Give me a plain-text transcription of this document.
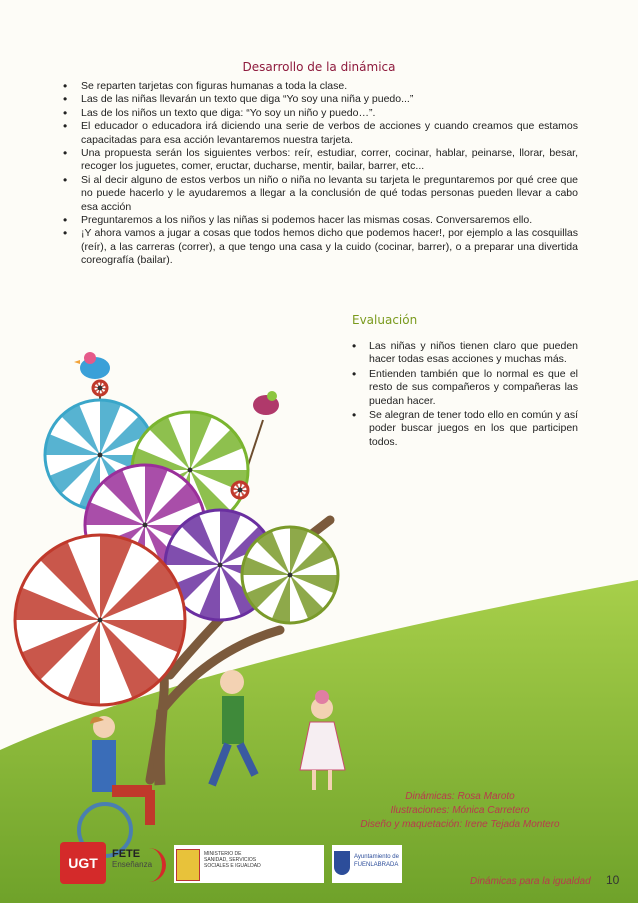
Desarrollo de la dinámica
• Se reparten tarjetas con figuras humanas a toda la clase.
• Las de las niñas llevarán un texto que diga “Yo soy una niña y puedo...”
• Las de los niños un texto que diga: “Yo soy un niño y puedo…”.
• El educador o educadora irá diciendo una serie de verbos de acciones y cuando creamos que estamos capacitadas para esa acción levantaremos nuestra tarjeta.
• Una propuesta serán los siguientes verbos: reír, estudiar, correr, cocinar, hablar, peinarse, llorar, besar, recoger los juguetes, comer, eructar, ducharse, mentir, bailar, barrer, etc...
• Si al decir alguno de estos verbos un niño o niña no levanta su tarjeta le preguntaremos por qué cree que no puede hacerlo y le ayudaremos a llegar a la conclusión de qué todas personas pueden llevar a cabo esa acción
• Preguntaremos a los niños y las niñas si podemos hacer las mismas cosas. Conversaremos ello.
• ¡Y ahora vamos a jugar a cosas que todos hemos dicho que podemos hacer!, por ejemplo a las cosquillas (reír), a las carreras (correr), a que tengo una casa y la cuido (cocinar, barrer), o a preparar una divertida coreografía (bailar).
Evaluación
• Las niñas y niños tienen claro que pueden hacer todas esas acciones y muchas más.
• Entienden también que lo normal es que el resto de sus compañeros y compañeras las puedan hacer.
• Se alegran de tener todo ello en común y así poder buscar juegos en los que participen todos.
Dinámicas: Rosa Maroto
Ilustraciones: Mónica Carretero
Diseño y maquetación: Irene Tejada Montero
UGT
FETE
Enseñanza
MINISTERIO DE SANIDAD, SERVICIOS SOCIALES E IGUALDAD
Ayuntamiento de FUENLABRADA
Dinámicas para la igualdad 10
